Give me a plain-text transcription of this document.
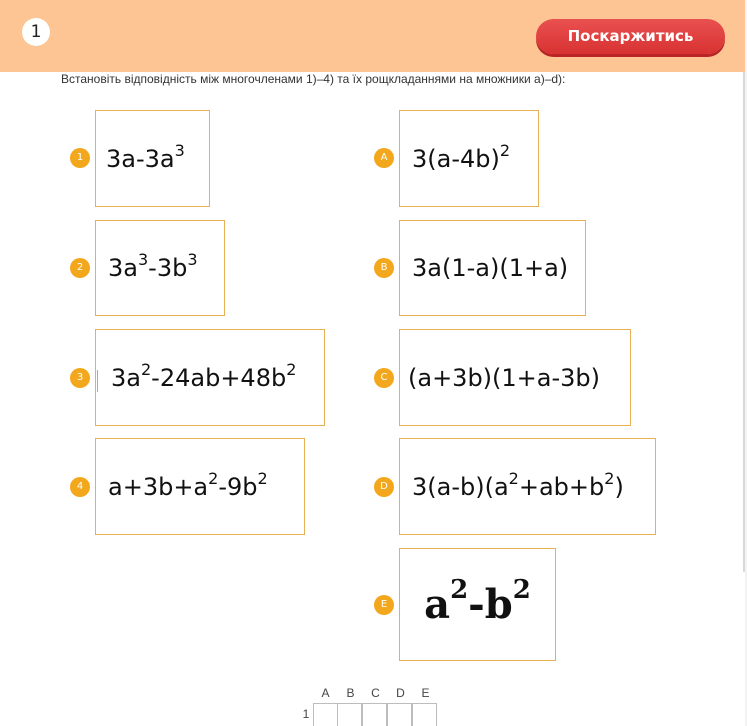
1	Поскаржитись
Встановіть відповідність між многочленами 1)–4) та їх рощкладаннями на множники а)–d):
1 $3a-3a^3$
2	$3a^3-3b^3$
3	$3a^2-24ab+48b^2$
4	$a+3b+a^2-9b^2$
A	$3(a-4b)^2$
B	3a(1-a)(1+a)
C (a+3b)(1+a-3b)
D	$3(a-b)(a^2+ab+b^2)$
E $a^2-b^2$
A	B	C	D	E
1
